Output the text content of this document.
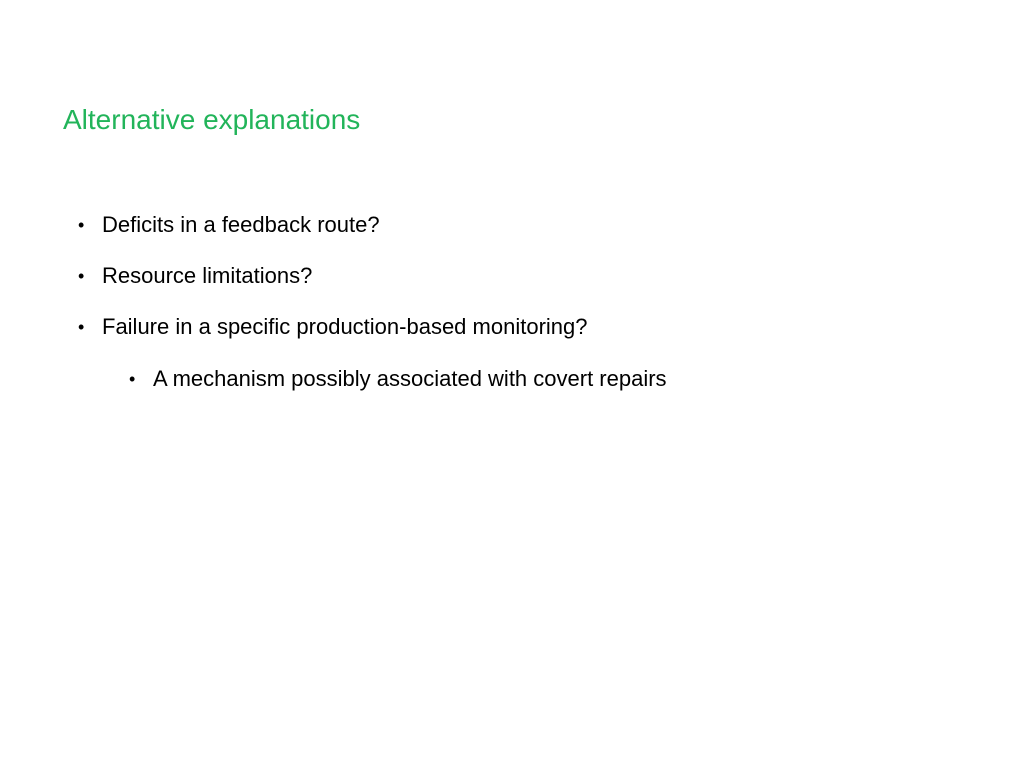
Alternative explanations
• Deficits in a feedback route?
• Resource limitations?
• Failure in a specific production-based monitoring?
• A mechanism possibly associated with covert repairs
